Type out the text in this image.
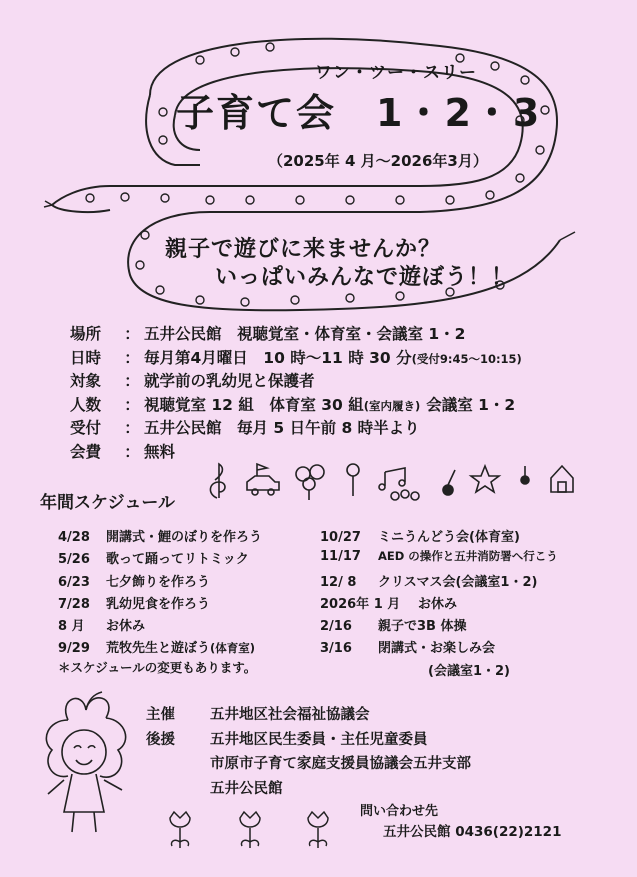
ワン・ツー・スリー
子育て会　1・2・3
（2025年 4 月～2026年3月）
親子で遊びに来ませんか？
いっぱいみんなで遊ぼう！！
場所	： 五井公民館　視聴覚室・体育室・会議室 1・2
日時	： 毎月第4月曜日　10 時～11 時 30 分 (受付9:45～10:15)
対象	： 就学前の乳幼児と保護者
人数	： 視聴覚室 12 組　体育室 30 組 (室内履き) 会議室 1・2
受付	： 五井公民館　毎月 5 日午前 8 時半より
会費	： 無料
年間スケジュール
4/28	開講式・鯉のぼりを作ろう
5/26	歌って踊ってリトミック
6/23	七夕飾りを作ろう
7/28	乳幼児食を作ろう
8 月	お休み
9/29	荒牧先生と遊ぼう (体育室)
10/27	ミニうんどう会 (体育室)
11/17	AED の操作と五井消防署へ行こう
12/ 8	クリスマス会(会議室1・2)
2026年 1 月	お休み
2/16	親子で3B 体操
3/16	閉講式・お楽しみ会
(会議室1・2)
＊スケジュールの変更もあります。
主催	五井地区社会福祉協議会
後援	五井地区民生委員・主任児童委員
市原市子育て家庭支援員協議会五井支部
五井公民館
問い合わせ先
五井公民館 0436(22)2121
